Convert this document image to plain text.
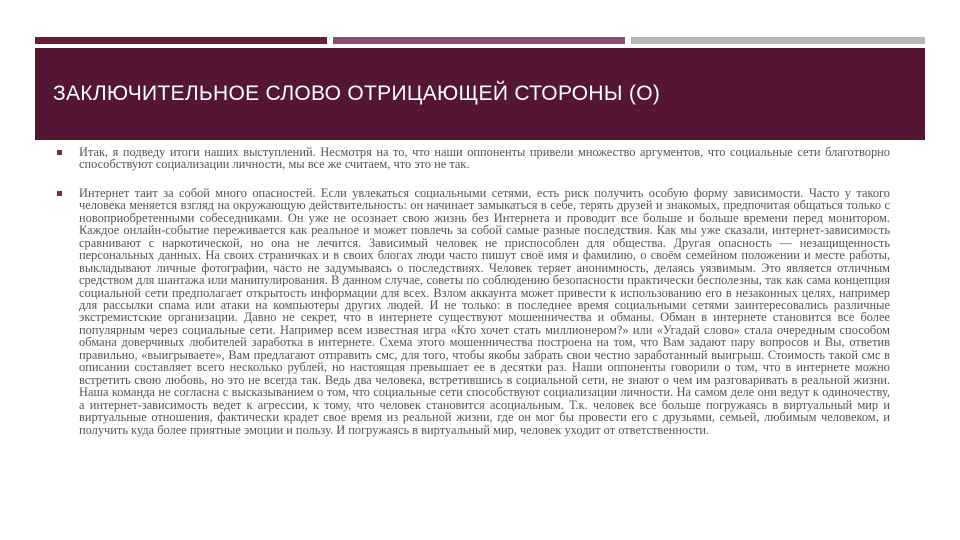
ЗАКЛЮЧИТЕЛЬНОЕ СЛОВО ОТРИЦАЮЩЕЙ СТОРОНЫ (О)
Итак, я подведу итоги наших выступлений. Несмотря на то, что наши оппоненты привели множество аргументов, что социальные сети благотворно способствуют социализации личности, мы все же считаем, что это не так.
Интернет таит за собой много опасностей. Если увлекаться социальными сетями, есть риск получить особую форму зависимости. Часто у такого человека меняется взгляд на окружающую действительность: он начинает замыкаться в себе, терять друзей и знакомых, предпочитая общаться только с новоприобретенными собеседниками. Он уже не осознает свою жизнь без Интернета и проводит все больше и больше времени перед монитором. Каждое онлайн-событие переживается как реальное и может повлечь за собой самые разные последствия. Как мы уже сказали, интернет-зависимость сравнивают с наркотической, но она не лечится. Зависимый человек не приспособлен для общества. Другая опасность — незащищенность персональных данных. На своих страничках и в своих блогах люди часто пишут своё имя и фамилию, о своём семейном положении и месте работы, выкладывают личные фотографии, часто не задумываясь о последствиях. Человек теряет анонимность, делаясь уязвимым. Это является отличным средством для шантажа или манипулирования. В данном случае, советы по соблюдению безопасности практически бесполезны, так как сама концепция социальной сети предполагает открытость информации для всех. Взлом аккаунта может привести к использованию его в незаконных целях, например для рассылки спама или атаки на компьютеры других людей. И не только: в последнее время социальными сетями заинтересовались различные экстремистские организации. Давно не секрет, что в интернете существуют мошенничества и обманы. Обман в интернете становится все более популярным через социальные сети. Например всем известная игра «Кто хочет стать миллионером?» или «Угадай слово» стала очередным способом обмана доверчивых любителей заработка в интернете. Схема этого мошенничества построена на том, что Вам задают пару вопросов и Вы, ответив правильно, «выигрываете», Вам предлагают отправить смс, для того, чтобы якобы забрать свои честно заработанный выигрыш. Стоимость такой смс в описании составляет всего несколько рублей, но настоящая превышает ее в десятки раз. Наши оппоненты говорили о том, что в интернете можно встретить свою любовь, но это не всегда так. Ведь два человека, встретившись в социальной сети, не знают о чем им разговаривать в реальной жизни. Наша команда не согласна с высказыванием о том, что социальные сети способствуют социализации личности. На самом деле они ведут к одиночеству, а интернет-зависимость ведет к агрессии, к тому, что человек становится асоциальным. Т.к. человек все больше погружаясь в виртуальный мир и виртуальные отношения, фактически крадет свое время из реальной жизни, где он мог бы провести его с друзьями, семьей, любимым человеком, и получить куда более приятные эмоции и пользу. И погружаясь в виртуальный мир, человек уходит от ответственности.
